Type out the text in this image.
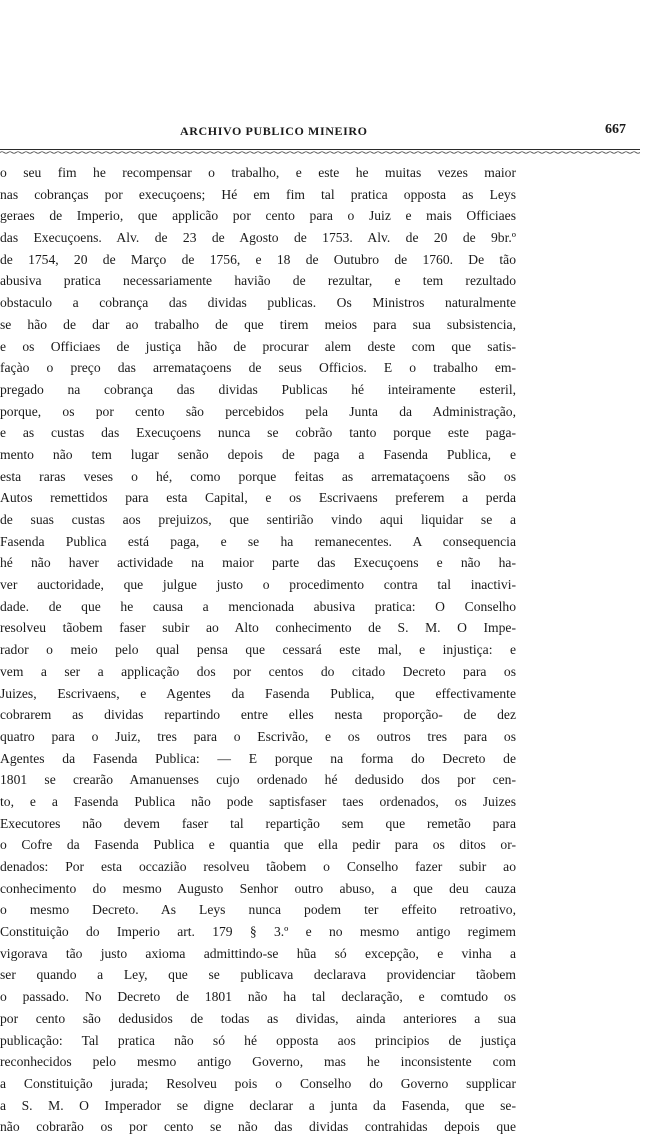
ARCHIVO PUBLICO MINEIRO	667
o seu fim he recompensar o trabalho, e este he muitas vezes maior
nas cobranças por execuçoens; Hé em fim tal pratica opposta as Leys
geraes de Imperio, que applicão por cento para o Juiz e mais Officiaes
das Execuçoens. Alv. de 23 de Agosto de 1753. Alv. de 20 de 9br.º
de 1754, 20 de Março de 1756, e 18 de Outubro de 1760. De tão
abusiva pratica necessariamente havião de rezultar, e tem rezultado
obstaculo a cobrança das dividas publicas. Os Ministros naturalmente
se hão de dar ao trabalho de que tirem meios para sua subsistencia,
e os Officiaes de justiça hão de procurar alem deste com que satis-
façào o preço das arremataçoens de seus Officios. E o trabalho em-
pregado na cobrança das dividas Publicas hé inteiramente esteril,
porque, os por cento são percebidos pela Junta da Administração,
e as custas das Execuçoens nunca se cobrão tanto porque este paga-
mento não tem lugar senão depois de paga a Fasenda Publica, e
esta raras veses o hé, como porque feitas as arremataçoens são os
Autos remettidos para esta Capital, e os Escrivaens preferem a perda
de suas custas aos prejuizos, que sentirião vindo aqui liquidar se a
Fasenda Publica está paga, e se ha remanecentes. A consequencia
hé não haver actividade na maior parte das Execuçoens e não ha-
ver auctoridade, que julgue justo o procedimento contra tal inactivi-
dade. de que he causa a mencionada abusiva pratica: O Conselho
resolveu tãobem faser subir ao Alto conhecimento de S. M. O Impe-
rador o meio pelo qual pensa que cessará este mal, e injustiça: e
vem a ser a applicação dos por centos do citado Decreto para os
Juizes, Escrivaens, e Agentes da Fasenda Publica, que effectivamente
cobrarem as dividas repartindo entre elles nesta proporção- de dez
quatro para o Juiz, tres para o Escrivão, e os outros tres para os
Agentes da Fasenda Publica: — E porque na forma do Decreto de
1801 se crearão Amanuenses cujo ordenado hé dedusido dos por cen-
to, e a Fasenda Publica não pode saptisfaser taes ordenados, os Juizes
Executores não devem faser tal repartição sem que remetão para
o Cofre da Fasenda Publica e quantia que ella pedir para os ditos or-
denados: Por esta occazião resolveu tãobem o Conselho fazer subir ao
conhecimento do mesmo Augusto Senhor outro abuso, a que deu cauza
o mesmo Decreto. As Leys nunca podem ter effeito retroativo,
Constituição do Imperio art. 179 § 3.º e no mesmo antigo regimem
vigorava tão justo axioma admittindo-se hũa só excepção, e vinha a
ser quando a Ley, que se publicava declarava providenciar tãobem
o passado. No Decreto de 1801 não ha tal declaração, e comtudo os
por cento são dedusidos de todas as dividas, ainda anteriores a sua
publicação: Tal pratica não só hé opposta aos principios de justiça
reconhecidos pelo mesmo antigo Governo, mas he inconsistente com
a Constituição jurada; Resolveu pois o Conselho do Governo supplicar
a S. M. O Imperador se digne declarar a junta da Fasenda, que se-
não cobrarão os por cento se não das dividas contrahidas depois que
